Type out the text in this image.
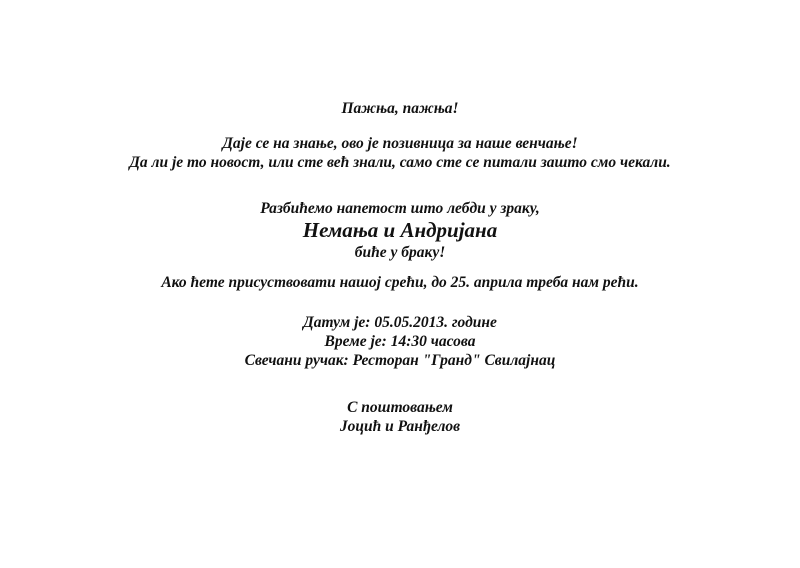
Пажња, пажња!
Даје се на знање, ово је позивница за наше венчање!
Да ли је то новост, или сте већ знали, само сте се питали зашто смо чекали.
Разбићемо напетост што лебди у зраку,
Немања и Андријана
биће у браку!
Ако ћете присуствовати нашој срећи, до 25. априла треба нам рећи.
Датум је: 05.05.2013. године
Време је: 14:30 часова
Свечани ручак: Ресторан "Гранд" Свилајнац
С поштовањем
Јоцић и Ранђелов
